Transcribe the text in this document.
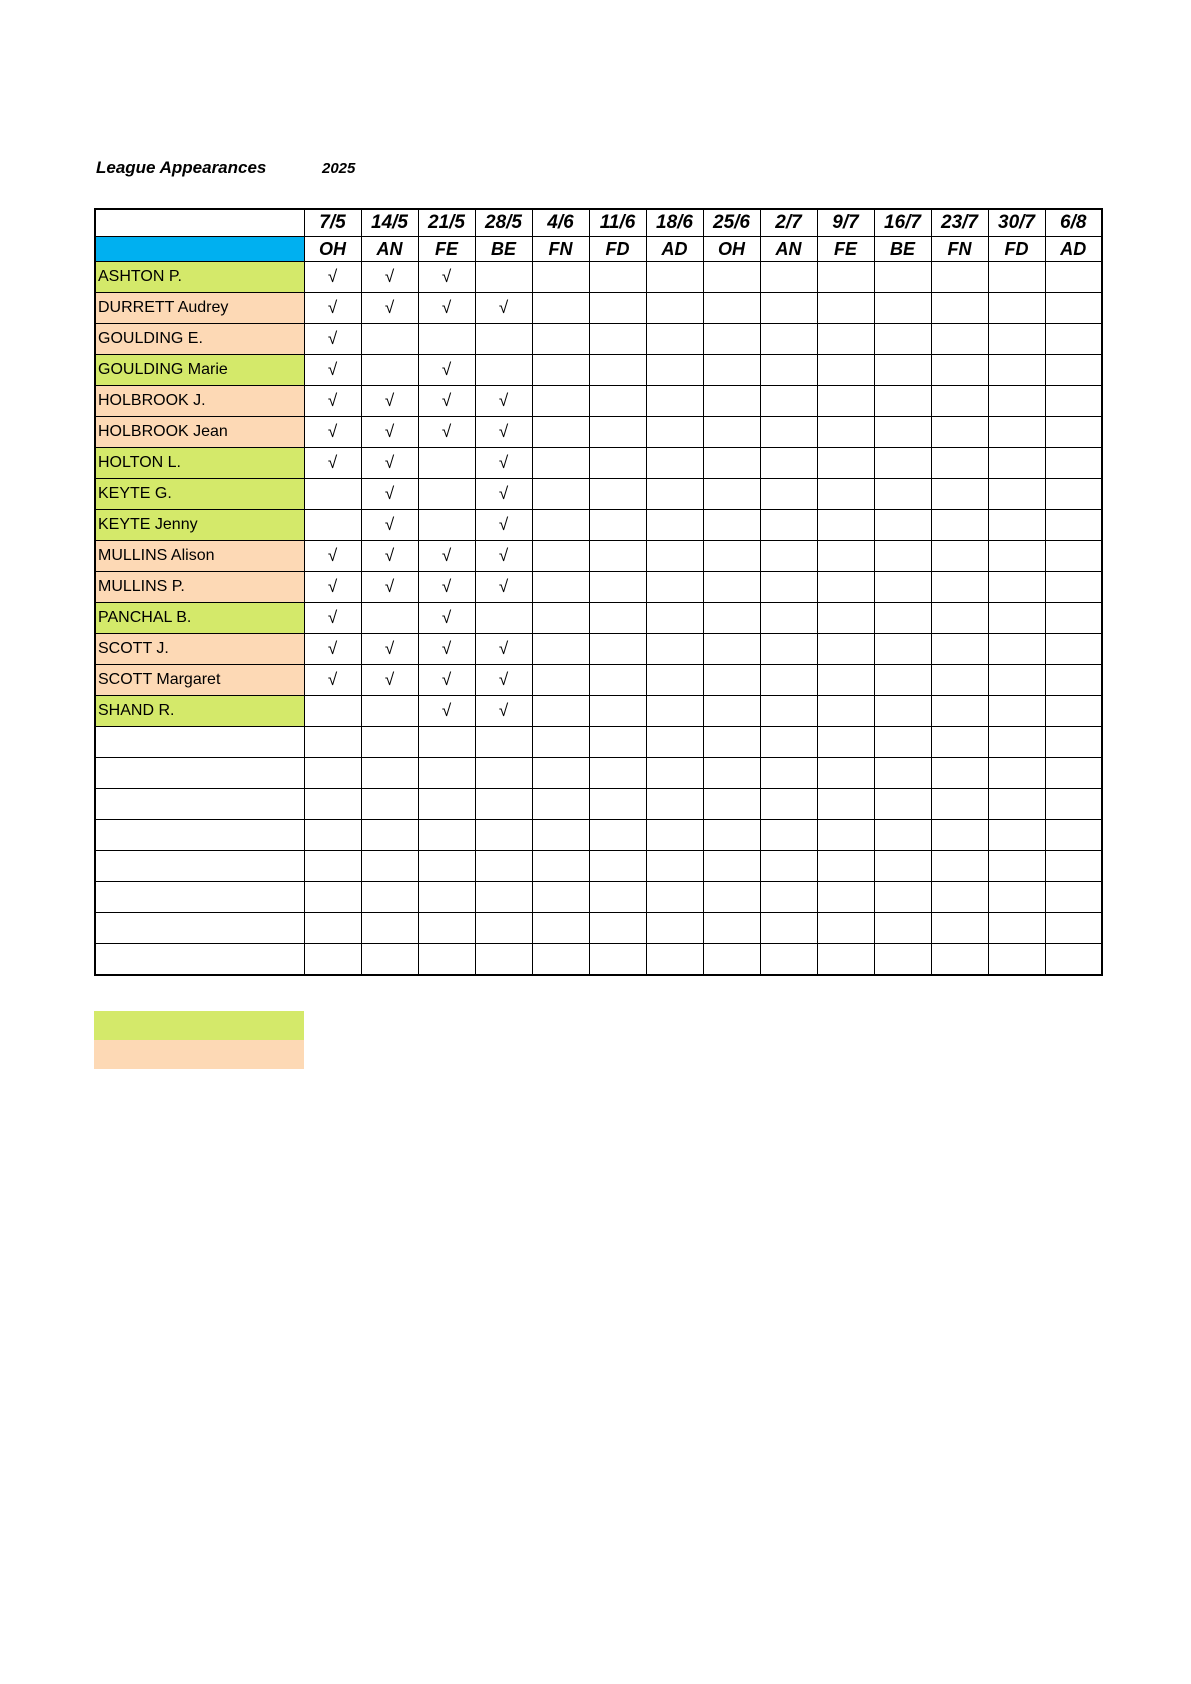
League Appearances	2025
	7/5	14/5	21/5	28/5	4/6	11/6	18/6	25/6	2/7	9/7	16/7	23/7	30/7	6/8
	OH	AN	FE	BE	FN	FD	AD	OH	AN	FE	BE	FN	FD	AD
ASHTON P.	√	√	√											
DURRETT Audrey	√	√	√	√										
GOULDING E.	√													
GOULDING Marie	√		√											
HOLBROOK J.	√	√	√	√										
HOLBROOK Jean	√	√	√	√										
HOLTON L.	√	√		√										
KEYTE G.		√		√										
KEYTE Jenny		√		√										
MULLINS Alison	√	√	√	√										
MULLINS P.	√	√	√	√										
PANCHAL B.	√		√											
SCOTT J.	√	√	√	√										
SCOTT Margaret	√	√	√	√										
SHAND R.			√	√										
